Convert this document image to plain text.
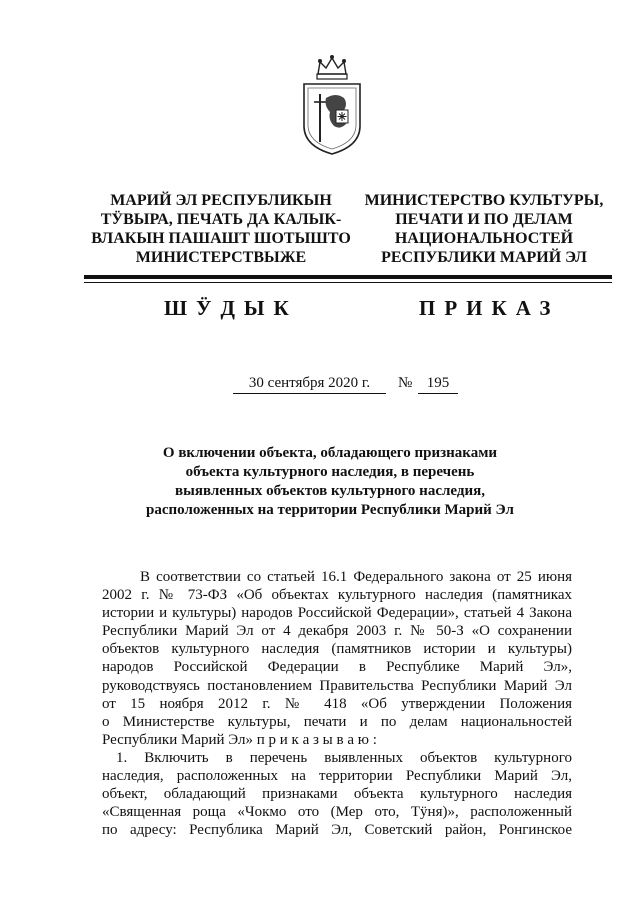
МАРИЙ ЭЛ РЕСПУБЛИКЫН
ТӰВЫРА, ПЕЧАТЬ ДА КАЛЫК-
ВЛАКЫН ПАШАШТ ШОТЫШТО
МИНИСТЕРСТВЫЖЕ
МИНИСТЕРСТВО КУЛЬТУРЫ,
ПЕЧАТИ И ПО ДЕЛАМ
НАЦИОНАЛЬНОСТЕЙ
РЕСПУБЛИКИ МАРИЙ ЭЛ
ШӰДЫК	ПРИКАЗ
30 сентября 2020 г.	№ 195
О включении объекта, обладающего признаками
объекта культурного наследия, в перечень
выявленных объектов культурного наследия,
расположенных на территории Республики Марий Эл
В соответствии со статьей 16.1 Федерального закона от 25 июня
2002 г. № 73-ФЗ «Об объектах культурного наследия (памятниках
истории и культуры) народов Российской Федерации», статьей 4 Закона
Республики Марий Эл от 4 декабря 2003 г. № 50-З «О сохранении
объектов культурного наследия (памятников истории и культуры)
народов Российской Федерации в Республике Марий Эл»,
руководствуясь постановлением Правительства Республики Марий Эл
от 15 ноября 2012 г. № 418 «Об утверждении Положения
о Министерстве культуры, печати и по делам национальностей
Республики Марий Эл» п р и к а з ы в а ю :
1. Включить в перечень выявленных объектов культурного
наследия, расположенных на территории Республики Марий Эл,
объект, обладающий признаками объекта культурного наследия
«Священная роща «Чокмо ото (Мер ото, Тӱня)», расположенный
по адресу: Республика Марий Эл, Советский район, Ронгинское
